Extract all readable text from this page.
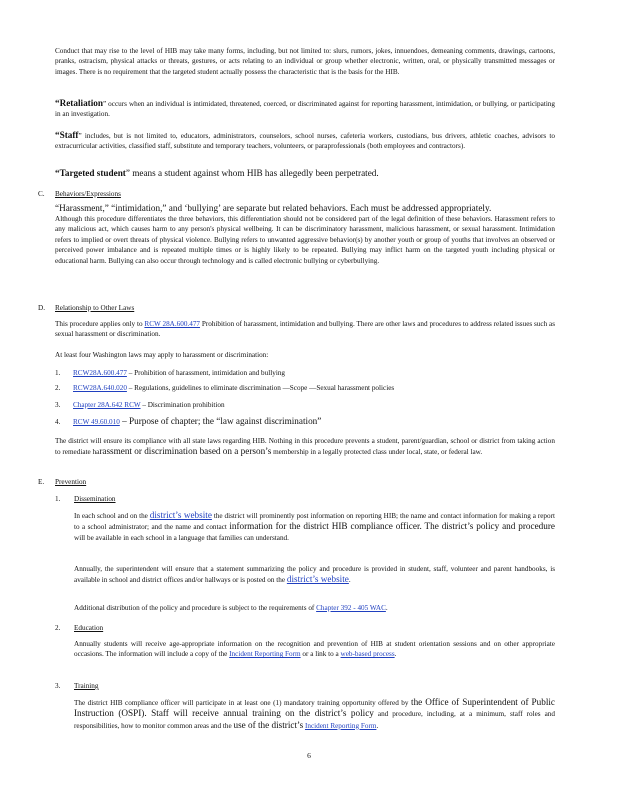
Conduct that may rise to the level of HIB may take many forms, including, but not limited to: slurs, rumors, jokes, innuendoes, demeaning comments, drawings, cartoons, pranks, ostracism, physical attacks or threats, gestures, or acts relating to an individual or group whether electronic, written, oral, or physically transmitted messages or images. There is no requirement that the targeted student actually possess the characteristic that is the basis for the HIB.

“Retaliation” occurs when an individual is intimidated, threatened, coerced, or discriminated against for reporting harassment, intimidation, or bullying, or participating in an investigation.

“Staff” includes, but is not limited to, educators, administrators, counselors, school nurses, cafeteria workers, custodians, bus drivers, athletic coaches, advisors to extracurricular activities, classified staff, substitute and temporary teachers, volunteers, or paraprofessionals (both employees and contractors).

“Targeted student” means a student against whom HIB has allegedly been perpetrated.

C. Behaviors/Expressions

“Harassment,” “intimidation,” and ‘bullying’ are separate but related behaviors. Each must be addressed appropriately.

Although this procedure differentiates the three behaviors, this differentiation should not be considered part of the legal definition of these behaviors. Harassment refers to any malicious act, which causes harm to any person's physical wellbeing. It can be discriminatory harassment, malicious harassment, or sexual harassment. Intimidation refers to implied or overt threats of physical violence. Bullying refers to unwanted aggressive behavior(s) by another youth or group of youths that involves an observed or perceived power imbalance and is repeated multiple times or is highly likely to be repeated. Bullying may inflict harm on the targeted youth including physical or educational harm. Bullying can also occur through technology and is called electronic bullying or cyberbullying.

D. Relationship to Other Laws

This procedure applies only to RCW 28A.600.477 Prohibition of harassment, intimidation and bullying. There are other laws and procedures to address related issues such as sexual harassment or discrimination.

At least four Washington laws may apply to harassment or discrimination:

1. RCW28A.600.477 – Prohibition of harassment, intimidation and bullying
2. RCW28A.640.020 – Regulations, guidelines to eliminate discrimination —Scope —Sexual harassment policies
3. Chapter 28A.642 RCW – Discrimination prohibition
4. RCW 49.60.010 – Purpose of chapter; the “law against discrimination”

The district will ensure its compliance with all state laws regarding HIB. Nothing in this procedure prevents a student, parent/guardian, school or district from taking action to remediate harassment or discrimination based on a person’s membership in a legally protected class under local, state, or federal law.

E. Prevention
1. Dissemination

In each school and on the district’s website the district will prominently post information on reporting HIB; the name and contact information for making a report to a school administrator; and the name and contact information for the district HIB compliance officer. The district’s policy and procedure will be available in each school in a language that families can understand.

Annually, the superintendent will ensure that a statement summarizing the policy and procedure is provided in student, staff, volunteer and parent handbooks, is available in school and district offices and/or hallways or is posted on the district’s website.

Additional distribution of the policy and procedure is subject to the requirements of Chapter 392 - 405 WAC.

2. Education

Annually students will receive age-appropriate information on the recognition and prevention of HIB at student orientation sessions and on other appropriate occasions. The information will include a copy of the Incident Reporting Form or a link to a web-based process.

3. Training

The district HIB compliance officer will participate in at least one (1) mandatory training opportunity offered by the Office of Superintendent of Public Instruction (OSPI). Staff will receive annual training on the district’s policy and procedure, including, at a minimum, staff roles and responsibilities, how to monitor common areas and the use of the district’s Incident Reporting Form.

6
